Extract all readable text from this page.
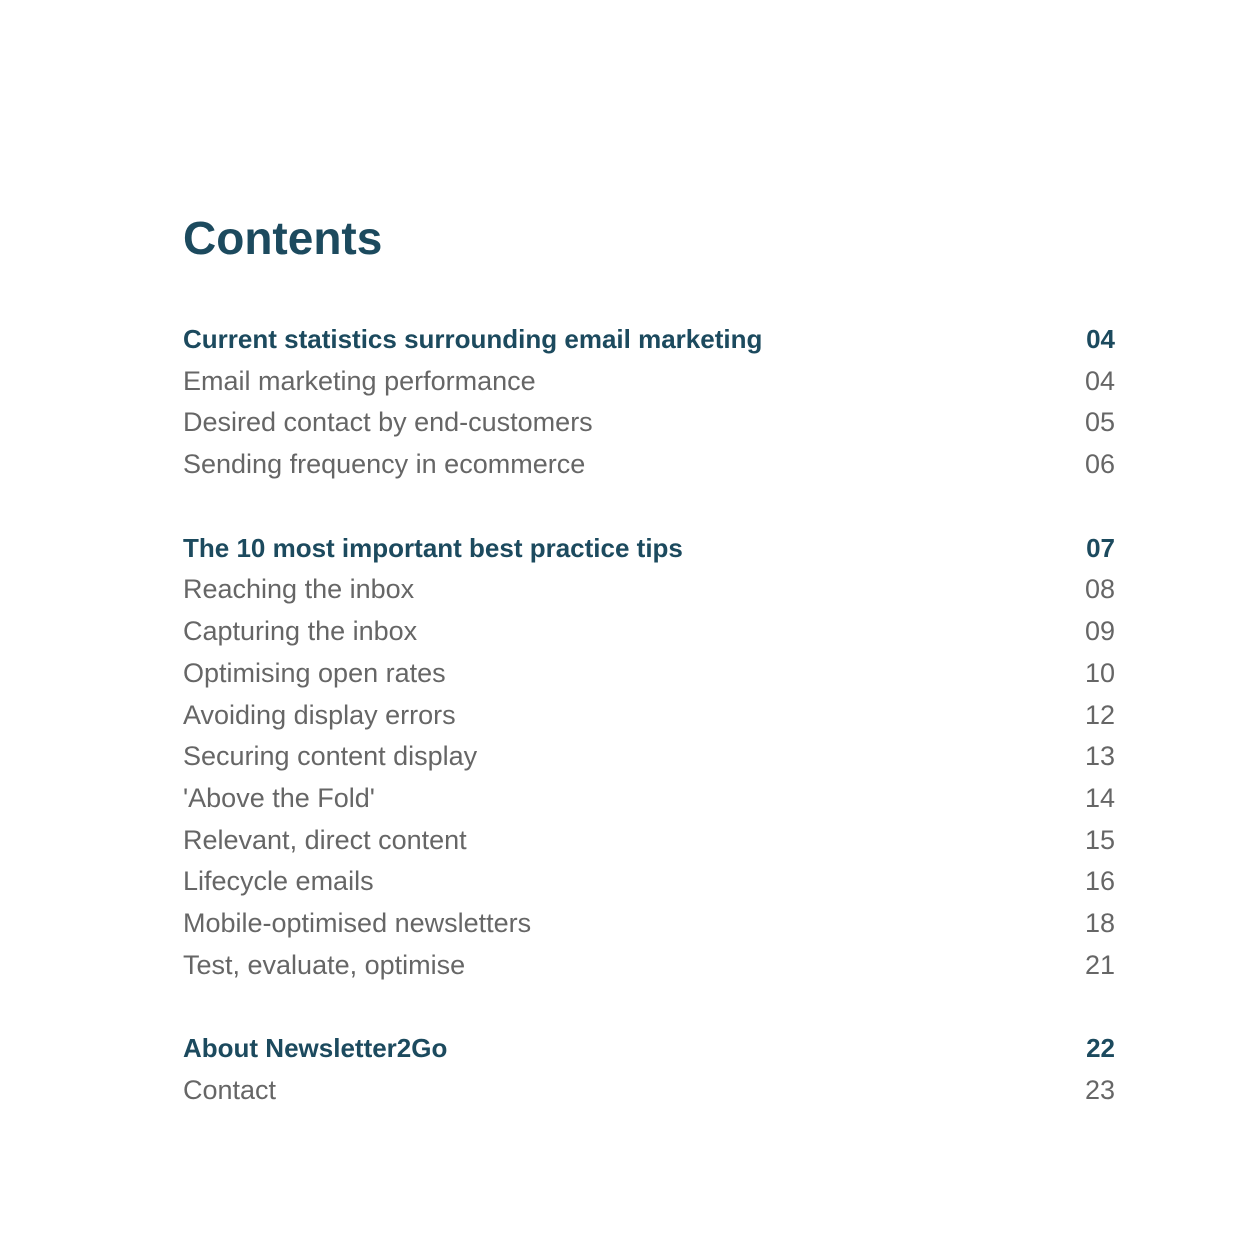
Contents
Current statistics surrounding email marketing	04
Email marketing performance	04
Desired contact by end-customers	05
Sending frequency in ecommerce	06
The 10 most important best practice tips	07
Reaching the inbox	08
Capturing the inbox	09
Optimising open rates	10
Avoiding display errors	12
Securing content display	13
'Above the Fold'	14
Relevant, direct content	15
Lifecycle emails	16
Mobile-optimised newsletters	18
Test, evaluate, optimise	21
About Newsletter2Go	22
Contact	23
